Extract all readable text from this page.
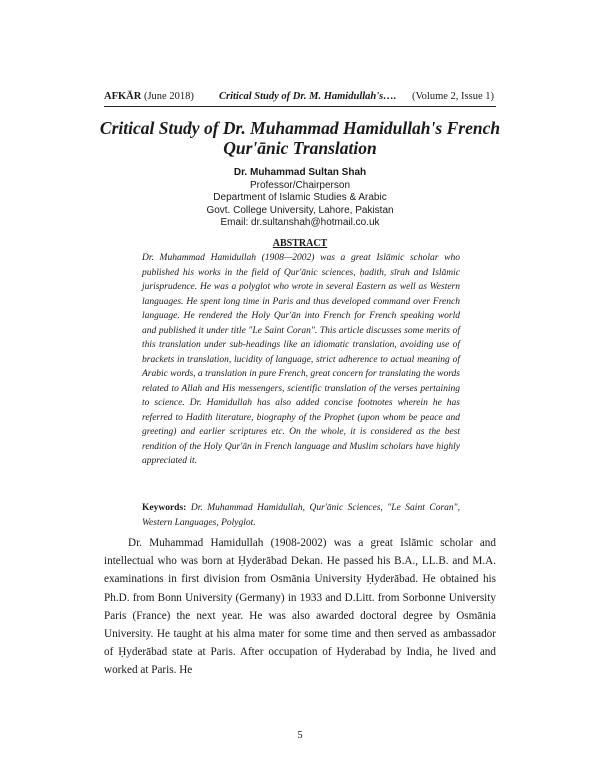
AFKĀR (June 2018) Critical Study of Dr. M. Hamidullah's…. (Volume 2, Issue 1)
Critical Study of Dr. Muhammad Hamidullah's French Qur'ānic Translation
Dr. Muhammad Sultan Shah
Professor/Chairperson
Department of Islamic Studies & Arabic
Govt. College University, Lahore, Pakistan
Email: dr.sultanshah@hotmail.co.uk
ABSTRACT
Dr. Muhammad Hamidullah (1908—2002) was a great Islāmic scholar who published his works in the field of Qur'ānic sciences, ḥadith, sīrah and Islāmic jurisprudence. He was a polyglot who wrote in several Eastern as well as Western languages. He spent long time in Paris and thus developed command over French language. He rendered the Holy Qur'ān into French for French speaking world and published it under title "Le Saint Coran". This article discusses some merits of this translation under sub-headings like an idiomatic translation, avoiding use of brackets in translation, lucidity of language, strict adherence to actual meaning of Arabic words, a translation in pure French, great concern for translating the words related to Allah and His messengers, scientific translation of the verses pertaining to science. Dr. Hamidullah has also added concise footnotes wherein he has referred to Hadith literature, biography of the Prophet (upon whom be peace and greeting) and earlier scriptures etc. On the whole, it is considered as the best rendition of the Holy Qur'ān in French language and Muslim scholars have highly appreciated it.
Keywords: Dr. Muhammad Hamidullah, Qur'ānic Sciences, "Le Saint Coran", Western Languages, Polyglot.

Dr. Muhammad Hamidullah (1908-2002) was a great Islāmic scholar and intellectual who was born at Ḥyderābad Dekan. He passed his B.A., LL.B. and M.A. examinations in first division from Osmānia University Ḥyderābad. He obtained his Ph.D. from Bonn University (Germany) in 1933 and D.Litt. from Sorbonne University Paris (France) the next year. He was also awarded doctoral degree by Osmānia University. He taught at his alma mater for some time and then served as ambassador of Ḥyderābad state at Paris. After occupation of Hyderabad by India, he lived and worked at Paris. He

5
